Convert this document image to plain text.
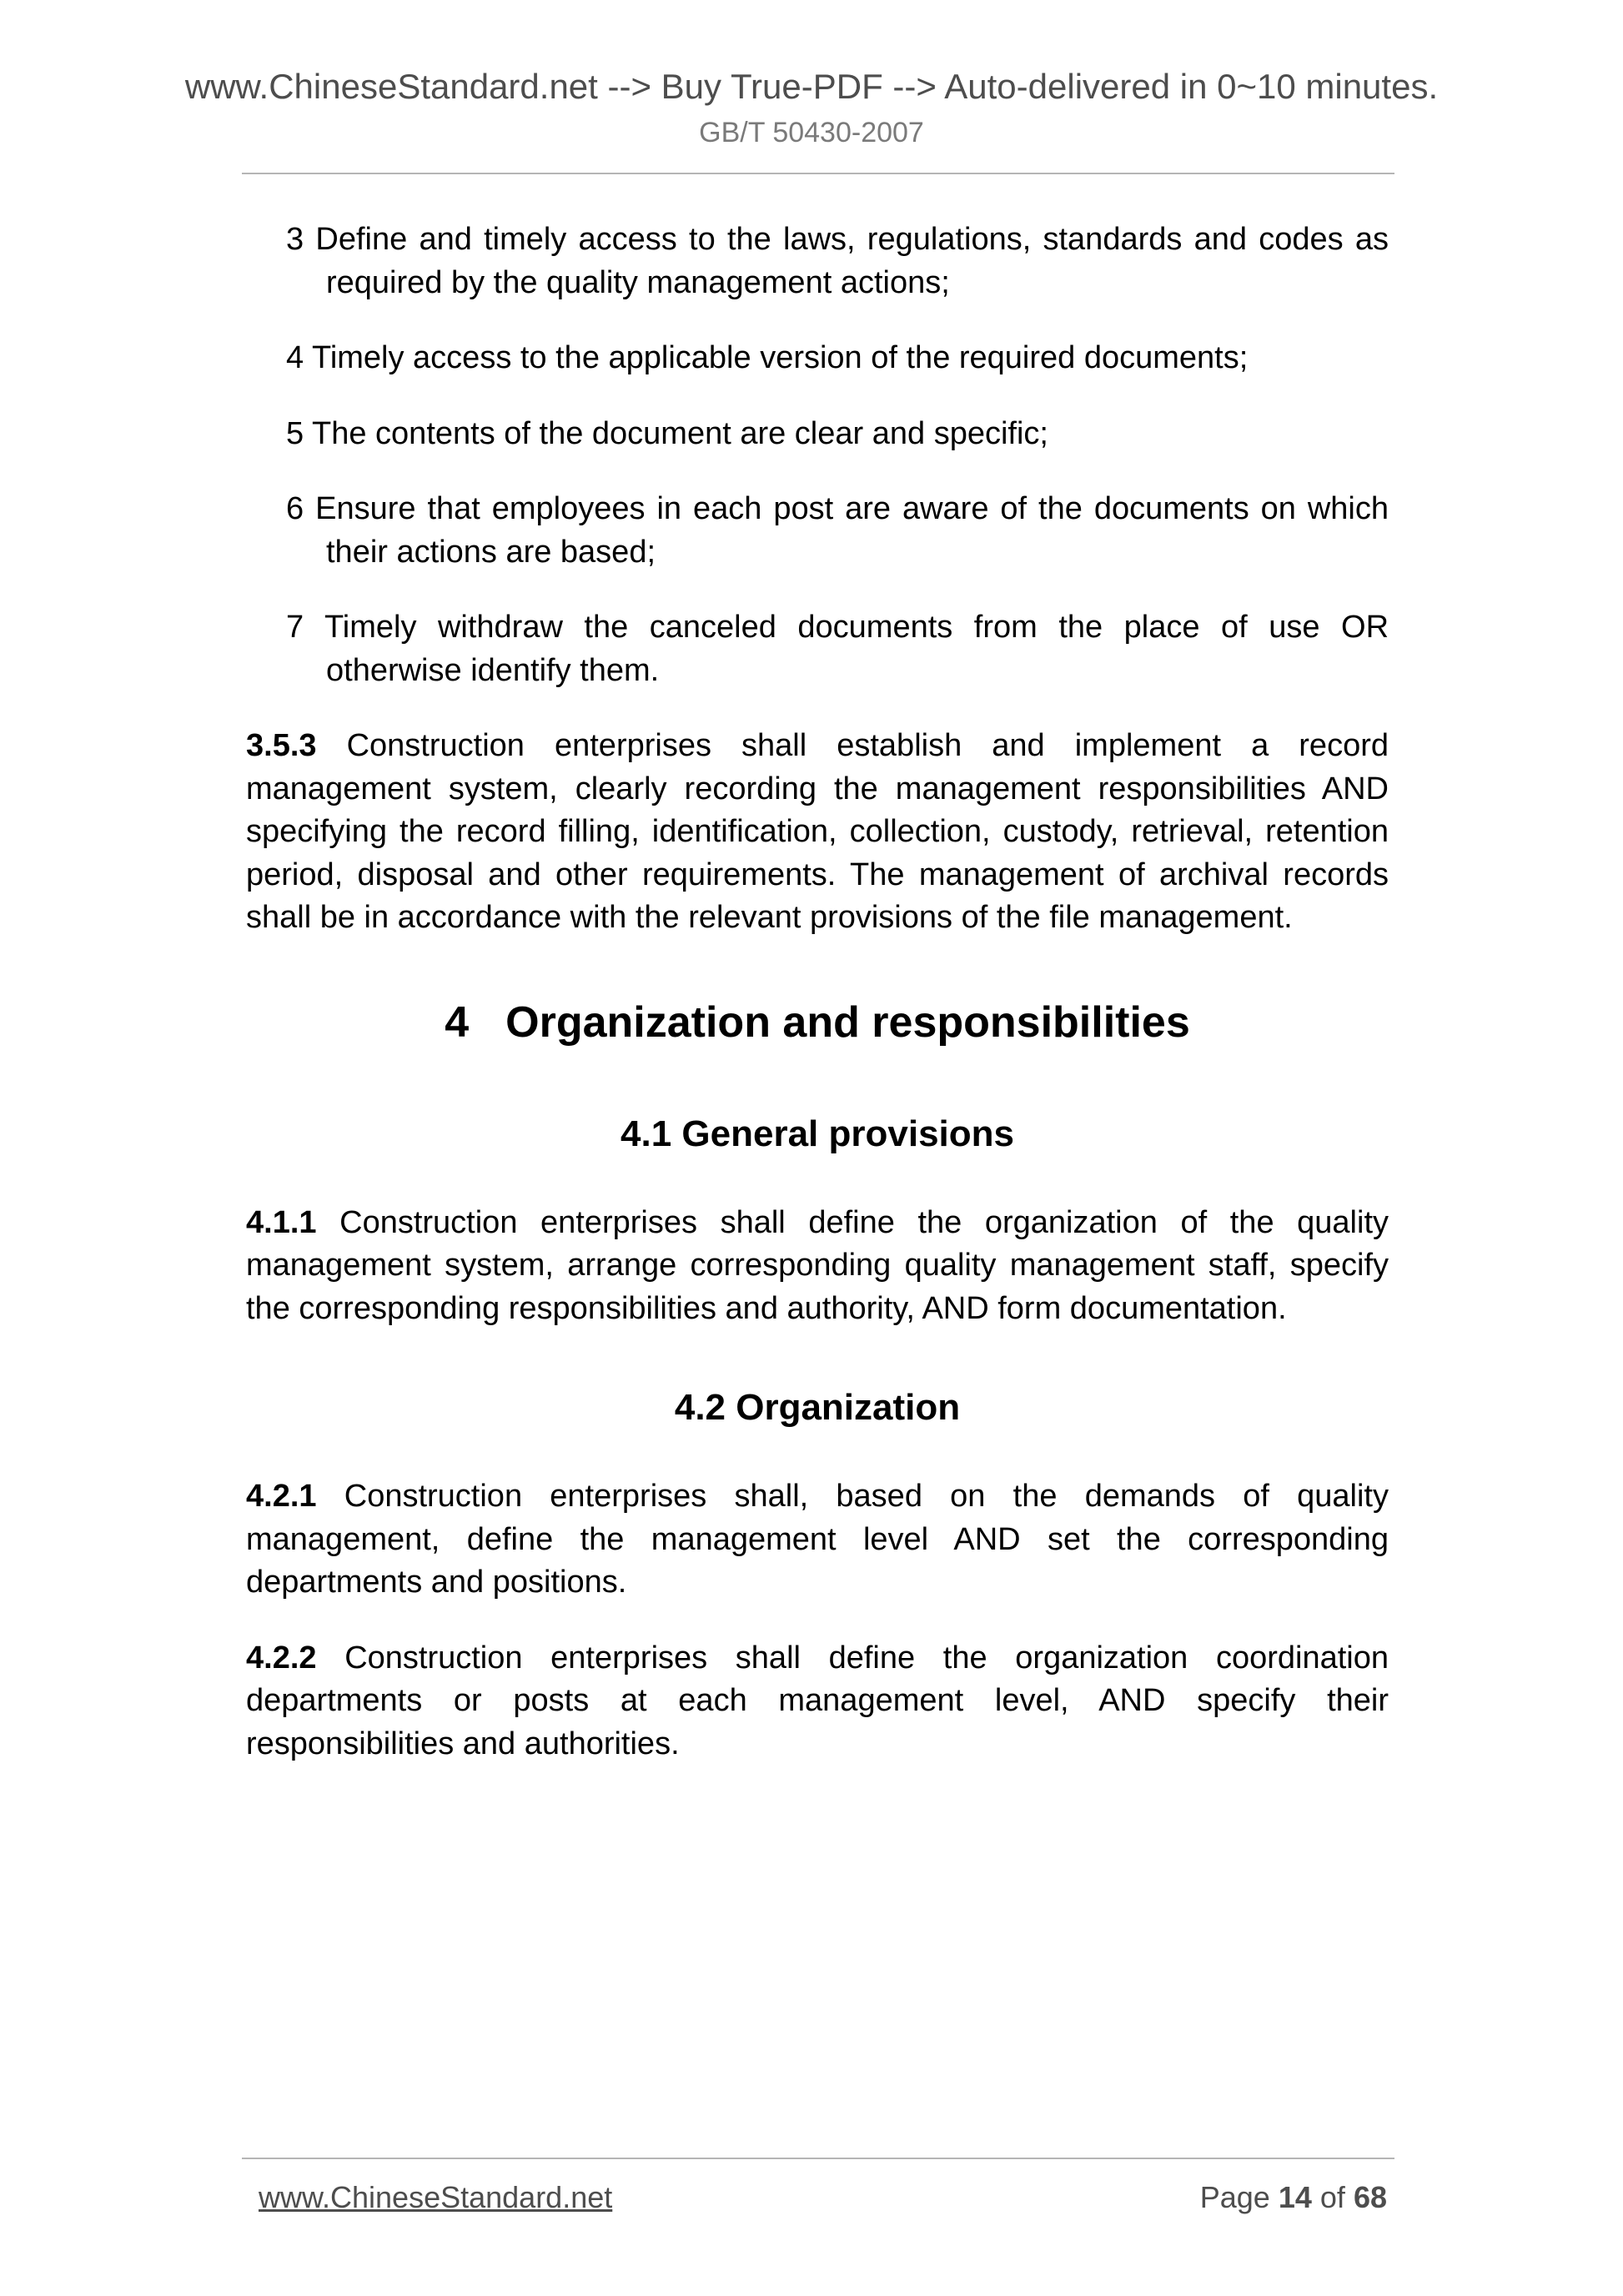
www.ChineseStandard.net --> Buy True-PDF --> Auto-delivered in 0~10 minutes.
GB/T 50430-2007
3 Define and timely access to the laws, regulations, standards and codes as required by the quality management actions;
4 Timely access to the applicable version of the required documents;
5 The contents of the document are clear and specific;
6 Ensure that employees in each post are aware of the documents on which their actions are based;
7 Timely withdraw the canceled documents from the place of use OR otherwise identify them.

3.5.3 Construction enterprises shall establish and implement a record management system, clearly recording the management responsibilities AND specifying the record filling, identification, collection, custody, retrieval, retention period, disposal and other requirements. The management of archival records shall be in accordance with the relevant provisions of the file management.

4 Organization and responsibilities
4.1 General provisions

4.1.1 Construction enterprises shall define the organization of the quality management system, arrange corresponding quality management staff, specify the corresponding responsibilities and authority, AND form documentation.

4.2 Organization

4.2.1 Construction enterprises shall, based on the demands of quality management, define the management level AND set the corresponding departments and positions.

4.2.2 Construction enterprises shall define the organization coordination departments or posts at each management level, AND specify their responsibilities and authorities.

www.ChineseStandard.net	Page 14 of 68
